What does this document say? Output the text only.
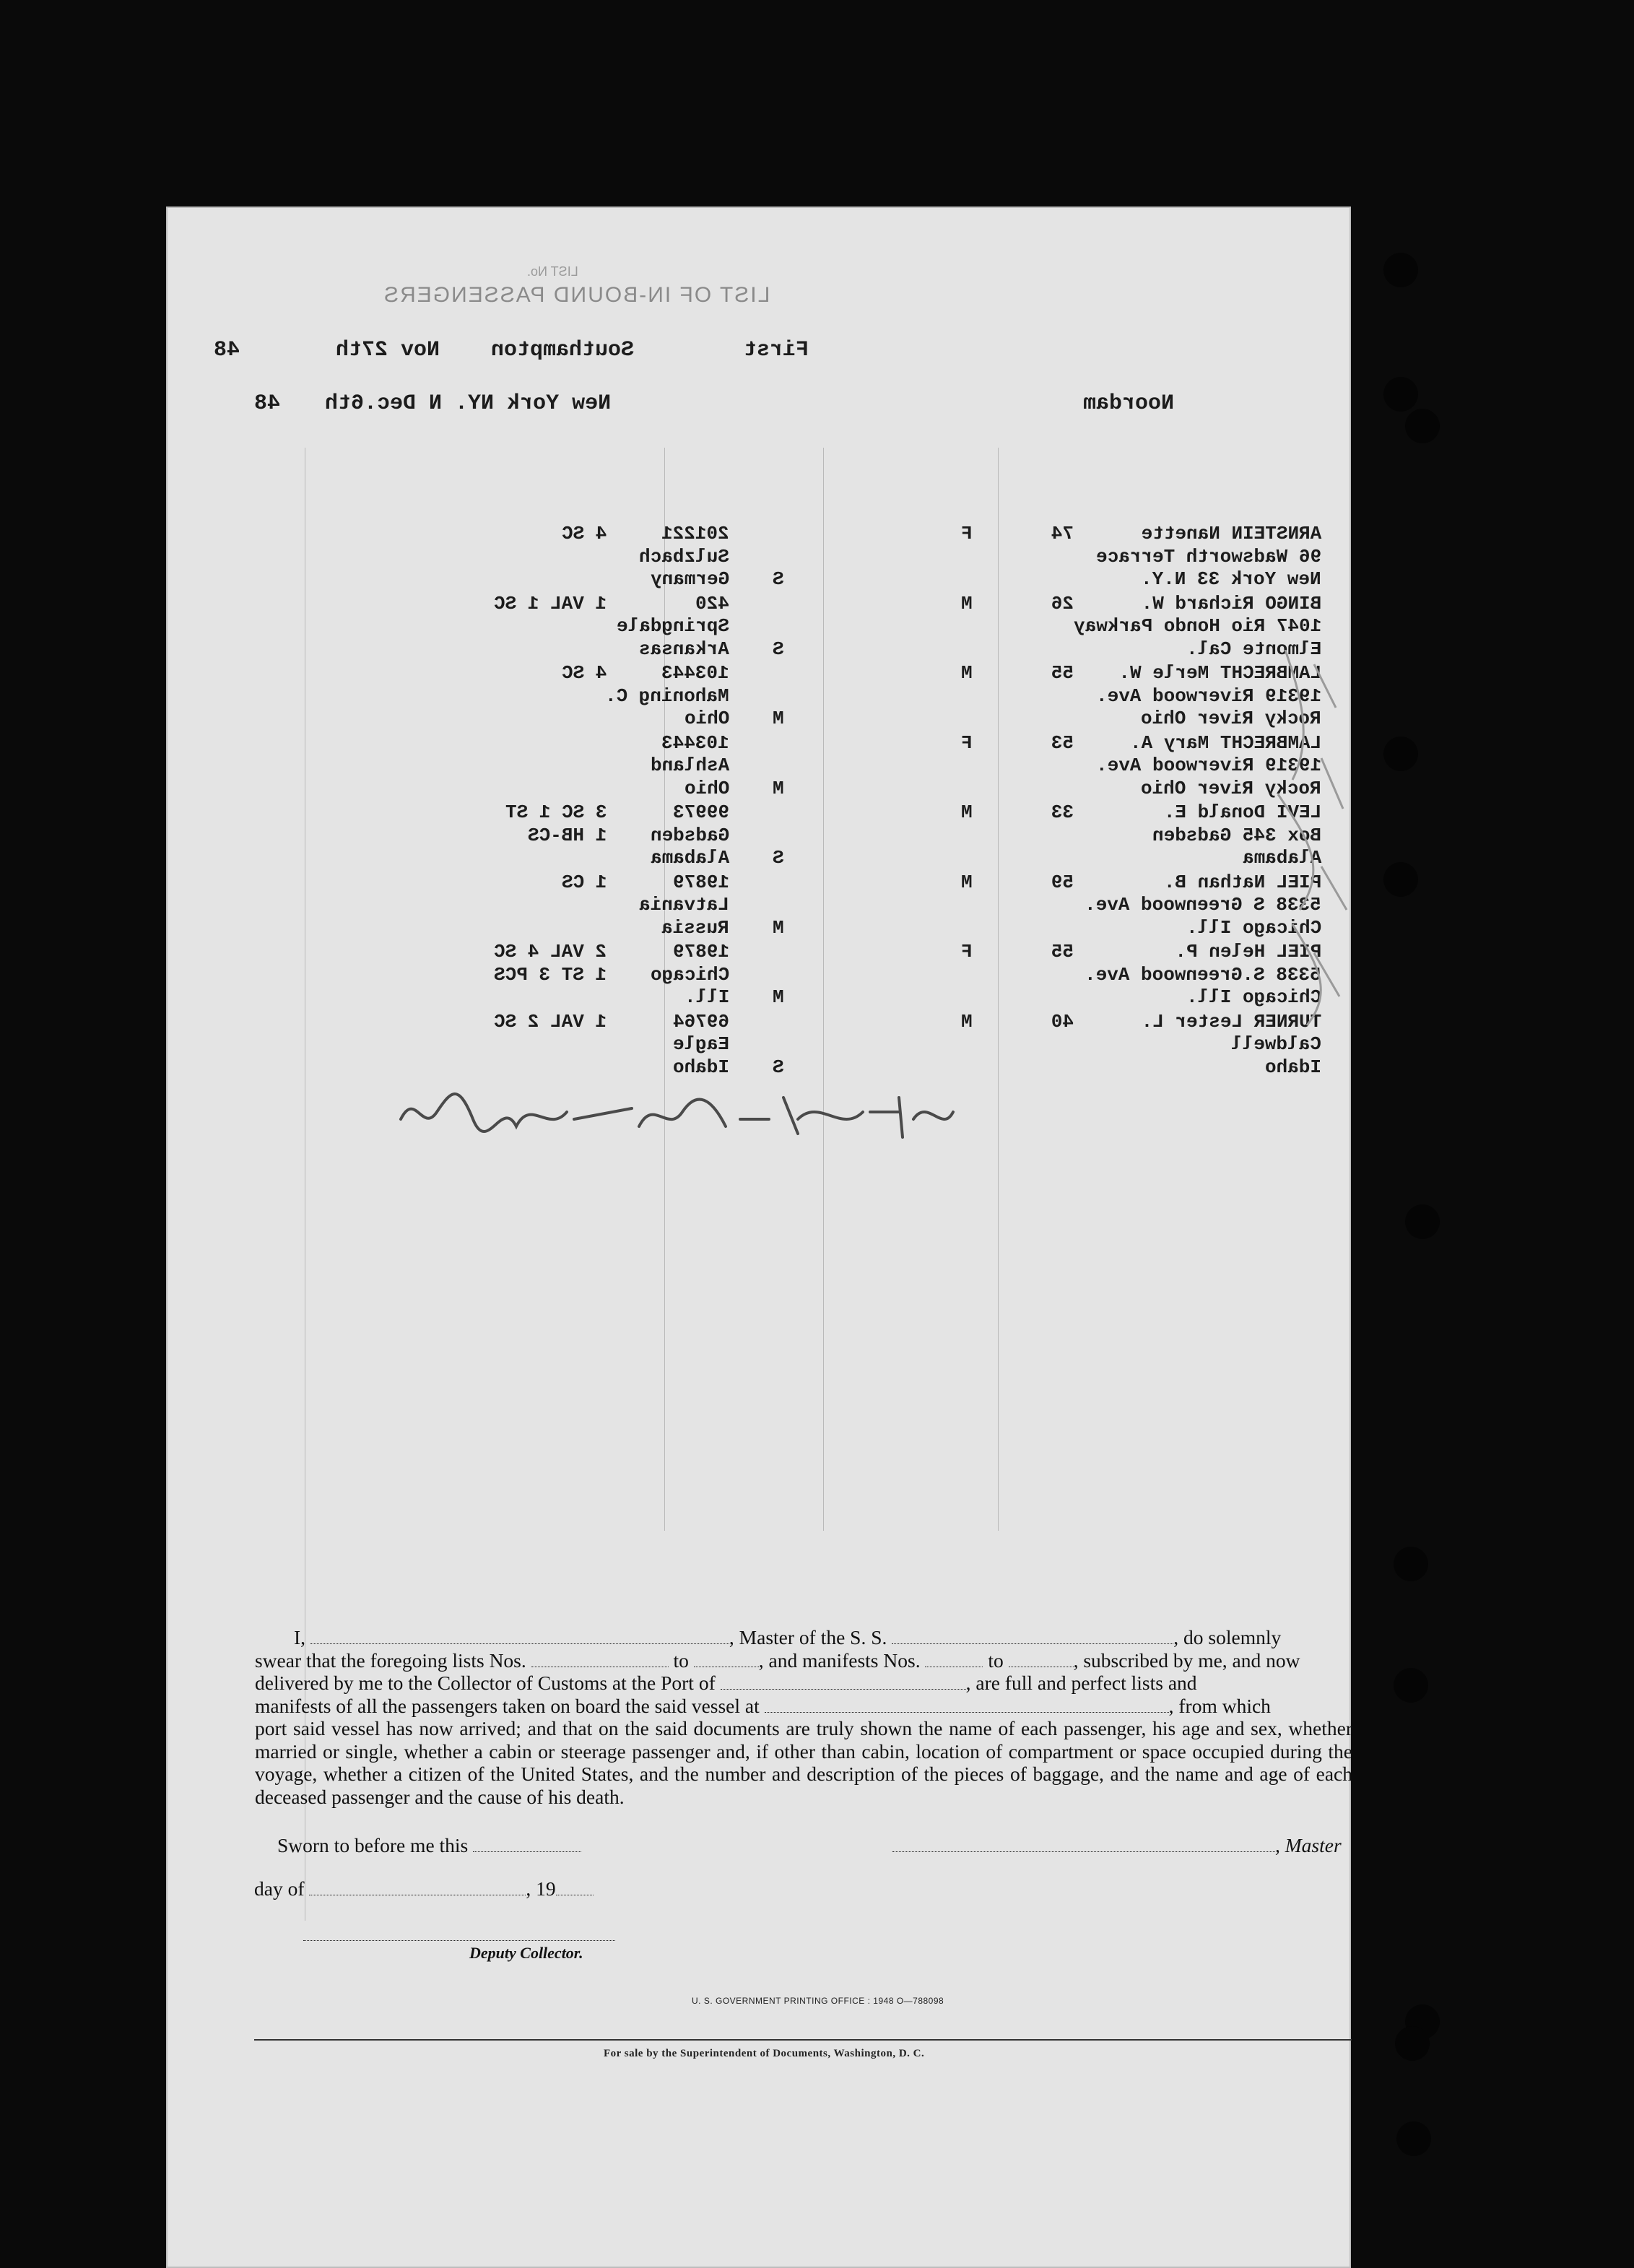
LIST No.
LIST OF IN-BOUND PASSENGERS
48	Nov 27th Southampton	First
48 New York NY. N Dec.6th	Noordam
4 SC	201221	ARNSTEIN Nanette      74       F
Sulzbach	96 Wadsworth Terrace
Germany S	New York 33 N.Y.
1 VAL 1 SC	420	BINGO Richard W.      26       M
Springdale	1047 Rio Hondo Parkway
Arkansas S	Elmonte Cal.
4 SC	103443	LAMBRECHT Merle W.    55       M
Mahoning C.	19319 Riverwood Ave.
Ohio M	Rocky River Ohio
103443	LAMBRECHT Mary A.     53       F
Ashland	19319 Riverwood Ave.
Ohio M	Rocky River Ohio
3 SC 1 ST	99973	LEVI Donald E.        33       M
1 HB-CS Gadsden	Box 345 Gadsden
Alabama S	Alabama
1 CS	19879	PIEL Nathan B.        59       M
Latvania	5338 S Greenwood Ave.
Russia M	Chicago Ill.
2 VAL 4 SC	19879	PIEL Helen P.         55       F
1 ST 3 PCS Chicago	5338 S.Greenwood Ave.
Ill. M	Chicago Ill.
1 VAL 2 SC	69764	TURNER Lester L.      40       M
Eagle	Caldwell
Idaho S	Idaho
I,	, Master of the S. S.	, do solemnly
swear that the foregoing lists Nos.	to	, and manifests Nos.	to	, subscribed by me, and now
delivered by me to the Collector of Customs at the Port of	, are full and perfect lists and
manifests of all the passengers taken on board the said vessel at	, from which
port said vessel has now arrived; and that on the said documents are truly shown the name of each passenger, his age and sex, whether married or single, whether a cabin or steerage passenger and, if other than cabin, location of compartment or space occupied during the voyage, whether a citizen of the United States, and the number and description of the pieces of baggage, and the name and age of each deceased passenger and the cause of his death.
Sworn to before me this	, Master
day of	, 19
Deputy Collector.
U. S. GOVERNMENT PRINTING OFFICE : 1948 O—788098
For sale by the Superintendent of Documents, Washington, D. C.
